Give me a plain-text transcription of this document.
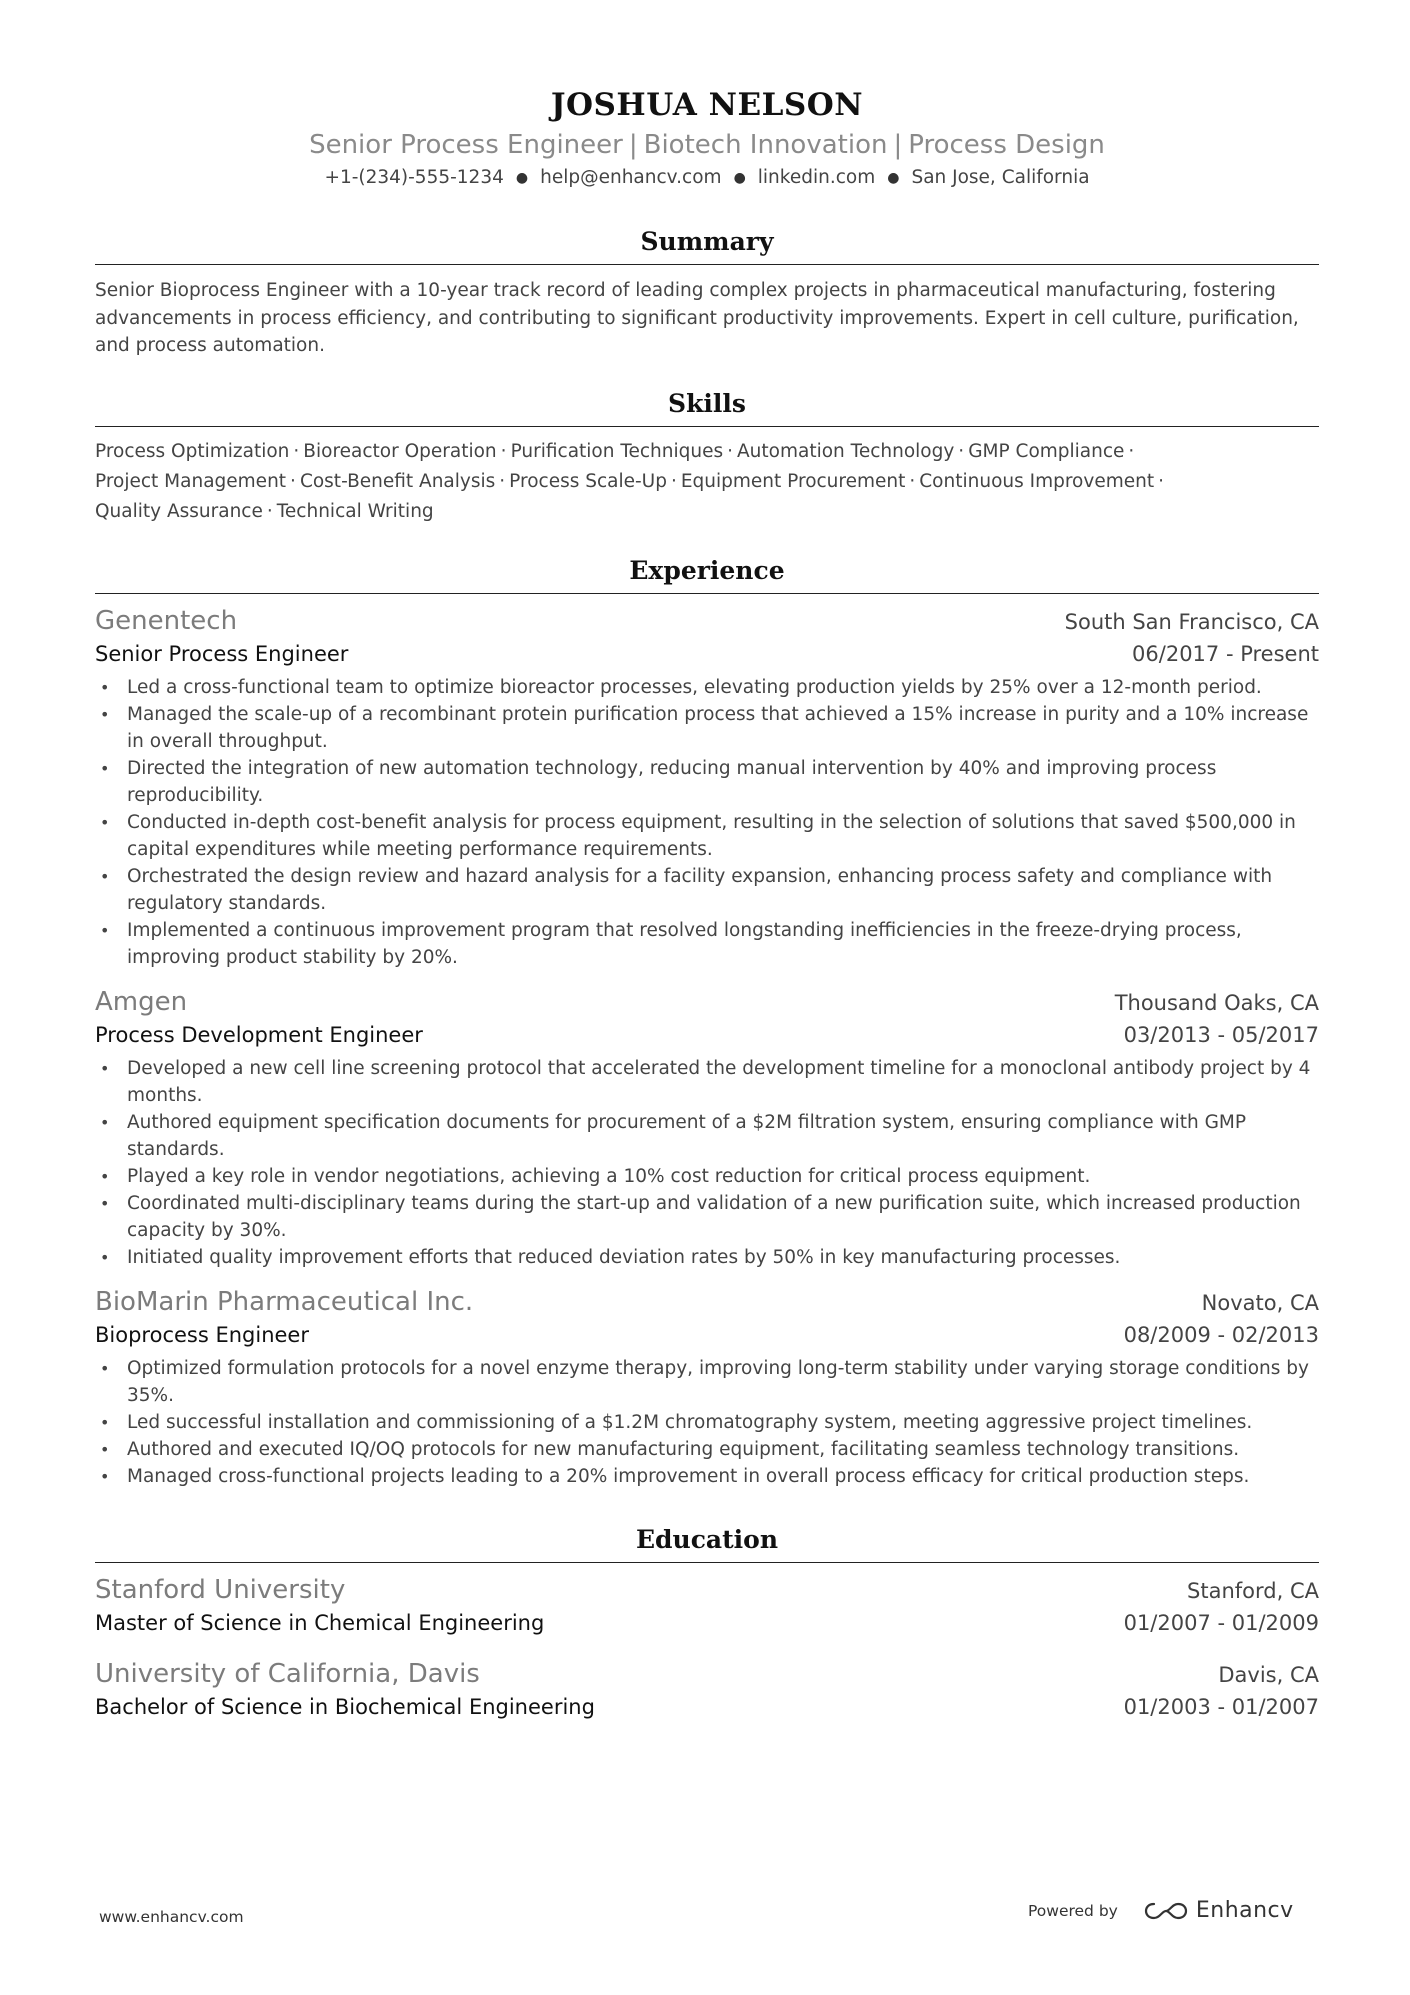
JOSHUA NELSON
Senior Process Engineer | Biotech Innovation | Process Design
+1-(234)-555-1234 ● help@enhancv.com ● linkedin.com ● San Jose, California
Summary
Senior Bioprocess Engineer with a 10-year track record of leading complex projects in pharmaceutical manufacturing, fostering advancements in process efficiency, and contributing to significant productivity improvements. Expert in cell culture, purification, and process automation.
Skills
Process Optimization · Bioreactor Operation · Purification Techniques · Automation Technology · GMP Compliance ·
Project Management · Cost-Benefit Analysis · Process Scale-Up · Equipment Procurement · Continuous Improvement ·
Quality Assurance · Technical Writing
Experience
Genentech	South San Francisco, CA
Senior Process Engineer	06/2017 - Present
• Led a cross-functional team to optimize bioreactor processes, elevating production yields by 25% over a 12-month period.
• Managed the scale-up of a recombinant protein purification process that achieved a 15% increase in purity and a 10% increase in overall throughput.
• Directed the integration of new automation technology, reducing manual intervention by 40% and improving process reproducibility.
• Conducted in-depth cost-benefit analysis for process equipment, resulting in the selection of solutions that saved $500,000 in capital expenditures while meeting performance requirements.
• Orchestrated the design review and hazard analysis for a facility expansion, enhancing process safety and compliance with regulatory standards.
• Implemented a continuous improvement program that resolved longstanding inefficiencies in the freeze-drying process, improving product stability by 20%.
Amgen	Thousand Oaks, CA
Process Development Engineer	03/2013 - 05/2017
• Developed a new cell line screening protocol that accelerated the development timeline for a monoclonal antibody project by 4 months.
• Authored equipment specification documents for procurement of a $2M filtration system, ensuring compliance with GMP standards.
• Played a key role in vendor negotiations, achieving a 10% cost reduction for critical process equipment.
• Coordinated multi-disciplinary teams during the start-up and validation of a new purification suite, which increased production capacity by 30%.
• Initiated quality improvement efforts that reduced deviation rates by 50% in key manufacturing processes.
BioMarin Pharmaceutical Inc.	Novato, CA
Bioprocess Engineer	08/2009 - 02/2013
• Optimized formulation protocols for a novel enzyme therapy, improving long-term stability under varying storage conditions by 35%.
• Led successful installation and commissioning of a $1.2M chromatography system, meeting aggressive project timelines.
• Authored and executed IQ/OQ protocols for new manufacturing equipment, facilitating seamless technology transitions.
• Managed cross-functional projects leading to a 20% improvement in overall process efficacy for critical production steps.
Education
Stanford University	Stanford, CA
Master of Science in Chemical Engineering	01/2007 - 01/2009
University of California, Davis	Davis, CA
Bachelor of Science in Biochemical Engineering	01/2003 - 01/2007
www.enhancv.com	Powered by	Enhancv
